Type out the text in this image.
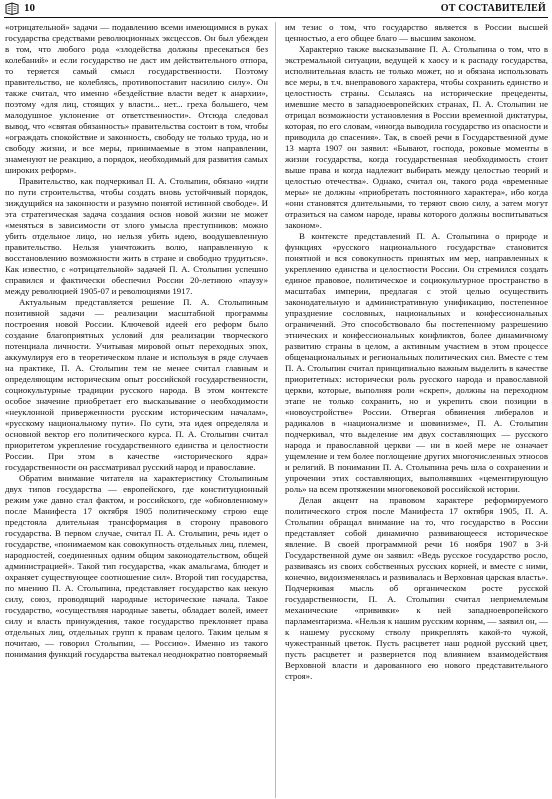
10	ОТ СОСТАВИТЕЛЕЙ

«отрицательной» задачи — подавлению всеми имеющимися в руках государства средствами революционных эксцессов. Он был убежден в том, что любого рода «злодейства должны пресекаться без колебаний» и если государство не даст им действительного отпора, то теряется самый смысл государственности. Поэтому правительство, не колеблясь, противопоставит насилию силу». Он также считал, что именно «бездействие власти ведет к анархии», поэтому «для лиц, стоящих у власти... нет... греха большего, чем малодушное уклонение от ответственности». Отсюда следовал вывод, что «святая обязанность» правительства состоит в том, чтобы «ограждать спокойствие и законность, свободу не только труда, но и свободу жизни, и все меры, принимаемые в этом направлении, знаменуют не реакцию, а порядок, необходимый для развития самых широких реформ».

Правительство, как подчеркивал П. А. Столыпин, обязано «идти по пути строительства, чтобы создать вновь устойчивый порядок, зиждущийся на законности и разумно понятой истинной свободе». И эта стратегическая задача создания основ новой жизни не может «меняться в зависимости от злого умысла преступников: можно убить отдельное лицо, но нельзя убить идею, воодушевленную правительство. Нельзя уничтожить волю, направленную к восстановлению возможности жить в стране и свободно трудиться». Как известно, с «отрицательной» задачей П. А. Столыпин успешно справился и фактически обеспечил России 20-летнюю «паузу» между революцией 1905-07 и революциями 1917.

Актуальным представляется решение П. А. Столыпиным позитивной задачи — реализации масштабной программы построения новой России. Ключевой идеей его реформ было создание благоприятных условий для реализации творческого потенциала личности. Учитывая мировой опыт переходных эпох, аккумулируя его в теоретическом плане и используя в ряде случаев на практике, П. А. Столыпин тем не менее считал главным и определяющим историческим опыт российской государственности, социокультурные традиции русского народа. В этом контексте особое значение приобретает его высказывание о необходимости «неуклонной приверженности русским историческим началам», «русскому национальному пути». По сути, эта идея определяла и основной вектор его политического курса. П. А. Столыпин считал приоритетом укрепление государственного единства и целостности России. При этом в качестве «исторического ядра» государственности он рассматривал русский народ и православие.

Обратим внимание читателя на характеристику Столыпиным двух типов государства — европейского, где конституционный режим уже давно стал фактом, и российского, где «обновленному» после Манифеста 17 октября 1905 политическому строю еще предстояла длительная трансформация в сторону правового государства. В первом случае, считал П. А. Столыпин, речь идет о государстве, «понимаемом как совокупность отдельных лиц, племен, народностей, соединенных одним общим законодательством, общей администрацией». Такой тип государства, «как амальгама, блюдет и охраняет существующее соотношение сил». Второй тип государства, по мнению П. А. Столыпина, представляет государство как некую силу, союз, проводящий народные исторические начала. Такое государство, «осуществляя народные заветы, обладает волей, имеет силу и власть принуждения, такое государство преклоняет права отдельных лиц, отдельных групп к правам целого. Таким целым я почитаю, — говорил Столыпин, — Россию». Именно из такого понимания функций государства вытекал неоднократно повторяемый

им тезис о том, что государство является в России высшей ценностью, а его общее благо — высшим законом.

Характерно также высказывание П. А. Столыпина о том, что в экстремальной ситуации, ведущей к хаосу и к распаду государства, исполнительная власть не только может, но и обязана использовать все меры, в т.ч. внеправового характера, чтобы сохранить единство и целостность страны. Ссылаясь на исторические прецеденты, имевшие место в западноевропейских странах, П. А. Столыпин не отрицал возможности установления в России временной диктатуры, которая, по его словам, «иногда выводила государство из опасности и приводила до спасения». Так, в своей речи в Государственной думе 13 марта 1907 он заявил: «Бывают, господа, роковые моменты в жизни государства, когда государственная необходимость стоит выше права и когда надлежит выбирать между целостью теорий и целостью отечества». Однако, считал он, такого рода «временные меры» не должны «приобретать постоянного характера», ибо когда «они становятся длительными, то теряют свою силу, а затем могут отразиться на самом народе, нравы которого должны воспитываться законом».

В контексте представлений П. А. Столыпина о природе и функциях «русского национального государства» становится понятной и вся совокупность принятых им мер, направленных к укреплению единства и целостности России. Он стремился создать единое правовое, политическое и социокультурное пространство в масштабах империи, предлагая с этой целью осуществить законодательную и административную унификацию, постепенное упразднение сословных, национальных и конфессиональных ограничений. Это способствовало бы постепенному разрешению этнических и конфессиональных конфликтов, более динамичному развитию страны в целом, а активным участием в этом процессе общенациональных и региональных политических сил. Вместе с тем П. А. Столыпин считал принципиально важным выделить в качестве приоритетных: исторически роль русского народа и православной церкви, которые, выполняя роли «скреп», должны на переходном этапе не только сохранить, но и укрепить свои позиции в «новоустройстве» России. Отвергая обвинения либералов и радикалов в «национализме и шовинизме», П. А. Столыпин подчеркивал, что выделение им двух составляющих — русского народа и православной церкви — ни в коей мере не означает ущемление и тем более поглощение других многочисленных этносов и религий. В понимании П. А. Столыпина речь шла о сохранении и упрочении этих составляющих, выполнявших «цементирующую роль» на всем протяжении многовековой российской истории.

Делая акцент на правовом характере реформируемого политического строя после Манифеста 17 октября 1905, П. А. Столыпин обращал внимание на то, что государство в России представляет собой динамично развивающееся историческое явление. В своей программной речи 16 ноября 1907 в 3-й Государственной думе он заявил: «Ведь русское государство росло, развиваясь из своих собственных русских корней, и вместе с ними, конечно, видоизменялась и развивалась и Верховная царская власть». Подчеркивая мысль об органическом росте русской государственности, П. А. Столыпин считал неприемлемым механические «прививки» к ней западноевропейского парламентаризма. «Нельзя к нашим русским корням, — заявил он, — к нашему русскому стволу прикреплять какой-то чужой, чужестранный цветок. Пусть расцветет наш родной русский цвет, пусть расцветет и развернется под влиянием взаимодействия Верховной власти и дарованного ею нового представительного строя».
